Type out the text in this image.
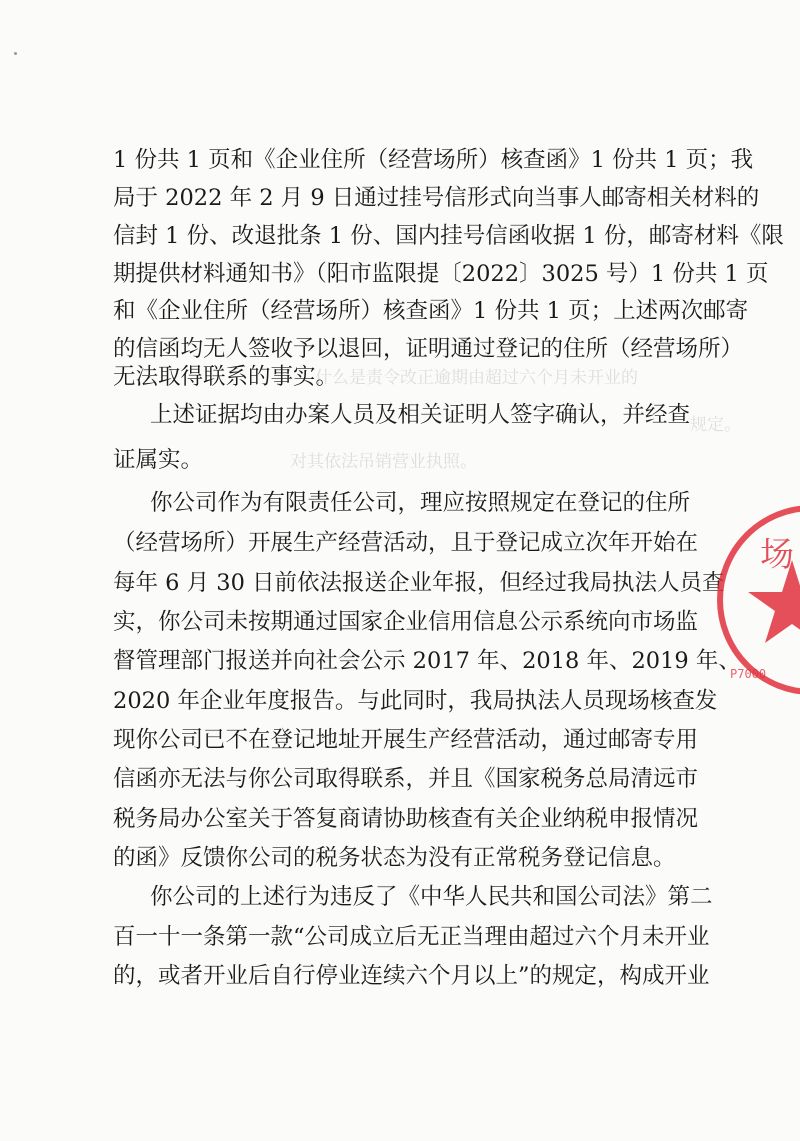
什么是责令改正逾期由超过六个月未开业的
规定。
对其依法吊销营业执照。
1 份共 1 页和《企业住所（经营场所）核查函》1 份共 1 页；我
局于 2022 年 2 月 9 日通过挂号信形式向当事人邮寄相关材料的
信封 1 份、改退批条 1 份、国内挂号信函收据 1 份，邮寄材料《限
期提供材料通知书》（阳市监限提〔2022〕3025 号）1 份共 1 页
和《企业住所（经营场所）核查函》1 份共 1 页；上述两次邮寄
的信函均无人签收予以退回，证明通过登记的住所（经营场所）
无法取得联系的事实。
上述证据均由办案人员及相关证明人签字确认，并经查
证属实。
你公司作为有限责任公司，理应按照规定在登记的住所
（经营场所）开展生产经营活动，且于登记成立次年开始在
每年 6 月 30 日前依法报送企业年报，但经过我局执法人员查
实，你公司未按期通过国家企业信用信息公示系统向市场监
督管理部门报送并向社会公示 2017 年、2018 年、2019 年、
2020 年企业年度报告。与此同时，我局执法人员现场核查发
现你公司已不在登记地址开展生产经营活动，通过邮寄专用
信函亦无法与你公司取得联系，并且《国家税务总局清远市
税务局办公室关于答复商请协助核查有关企业纳税申报情况
的函》反馈你公司的税务状态为没有正常税务登记信息。
你公司的上述行为违反了《中华人民共和国公司法》第二
百一十一条第一款“公司成立后无正当理由超过六个月未开业
的，或者开业后自行停业连续六个月以上”的规定，构成开业
场
P7000
